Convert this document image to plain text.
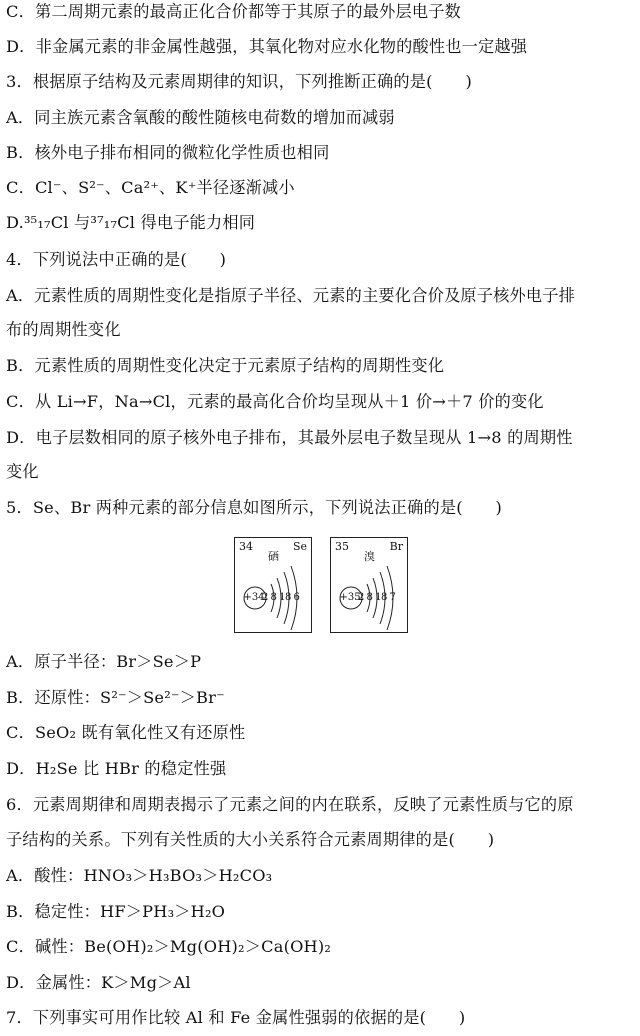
C．第二周期元素的最高正化合价都等于其原子的最外层电子数
D．非金属元素的非金属性越强，其氧化物对应水化物的酸性也一定越强
3．根据原子结构及元素周期律的知识，下列推断正确的是(　　)
A．同主族元素含氧酸的酸性随核电荷数的增加而减弱
B．核外电子排布相同的微粒化学性质也相同
C．Cl⁻、S²⁻、Ca²⁺、K⁺半径逐渐减小
D.³⁵₁₇Cl 与³⁷₁₇Cl 得电子能力相同
4．下列说法中正确的是(　　)
A．元素性质的周期性变化是指原子半径、元素的主要化合价及原子核外电子排
布的周期性变化
B．元素性质的周期性变化决定于元素原子结构的周期性变化
C．从 Li→F，Na→Cl，元素的最高化合价均呈现从＋1 价→＋7 价的变化
D．电子层数相同的原子核外电子排布，其最外层电子数呈现从 1→8 的周期性
变化
5．Se、Br 两种元素的部分信息如图所示，下列说法正确的是(　　)
34
硒
Se
+34
2 8 18 6
35
溴
Br
+35
2 8 18 7
A．原子半径：Br＞Se＞P
B．还原性：S²⁻＞Se²⁻＞Br⁻
C．SeO₂ 既有氧化性又有还原性
D．H₂Se 比 HBr 的稳定性强
6．元素周期律和周期表揭示了元素之间的内在联系，反映了元素性质与它的原
子结构的关系。下列有关性质的大小关系符合元素周期律的是(　　)
A．酸性：HNO₃＞H₃BO₃＞H₂CO₃
B．稳定性：HF＞PH₃＞H₂O
C．碱性：Be(OH)₂＞Mg(OH)₂＞Ca(OH)₂
D．金属性：K＞Mg＞Al
7．下列事实可用作比较 Al 和 Fe 金属性强弱的依据的是(　　)
